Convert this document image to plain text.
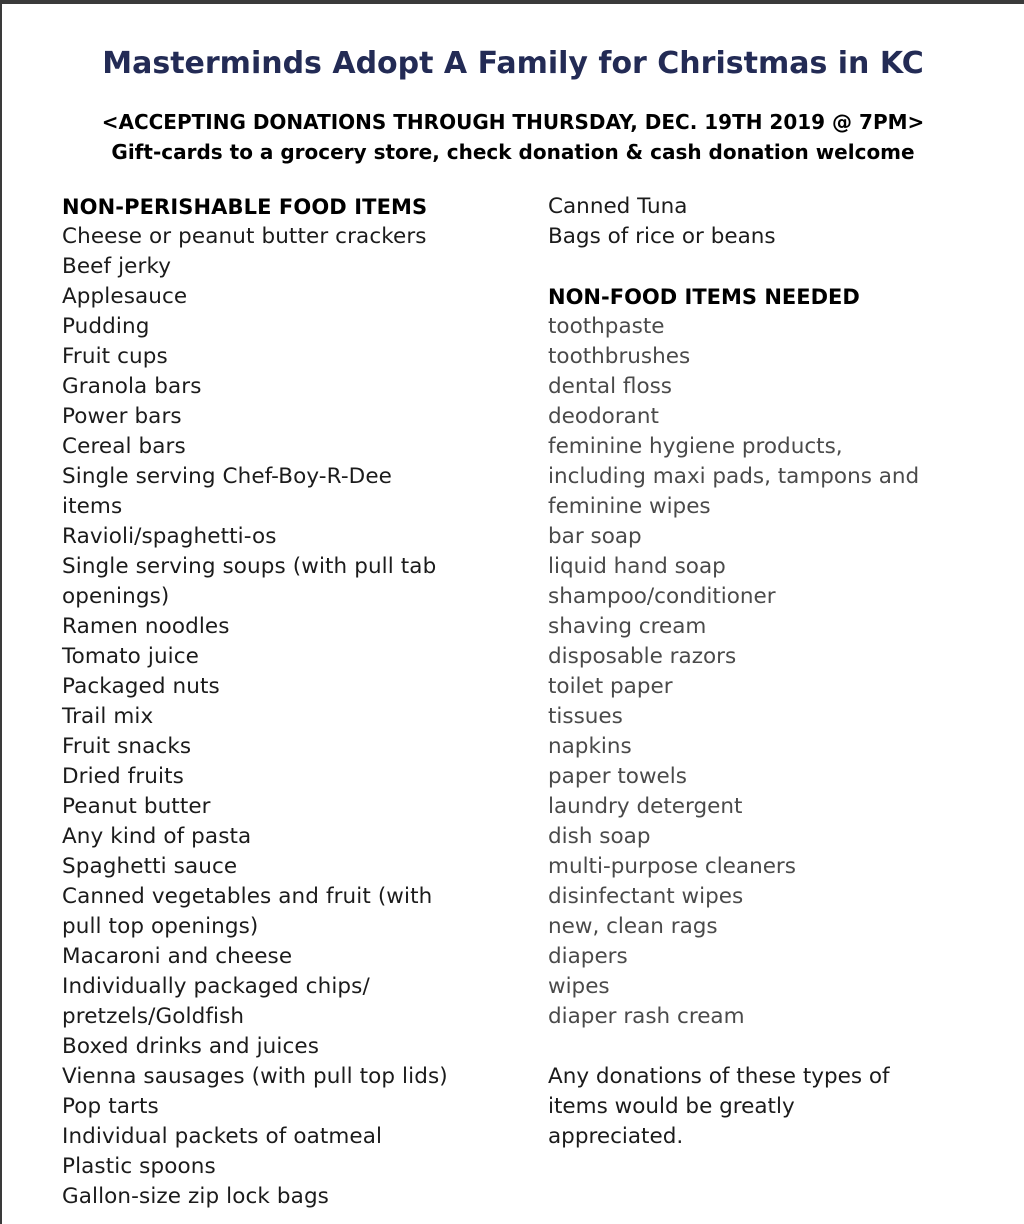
Masterminds Adopt A Family for Christmas in KC
<ACCEPTING DONATIONS THROUGH THURSDAY, DEC. 19TH 2019 @ 7PM>
Gift-cards to a grocery store, check donation & cash donation welcome
NON-PERISHABLE FOOD ITEMS
Cheese or peanut butter crackers
Beef jerky
Applesauce
Pudding
Fruit cups
Granola bars
Power bars
Cereal bars
Single serving Chef-Boy-R-Dee
items
Ravioli/spaghetti-os
Single serving soups (with pull tab
openings)
Ramen noodles
Tomato juice
Packaged nuts
Trail mix
Fruit snacks
Dried fruits
Peanut butter
Any kind of pasta
Spaghetti sauce
Canned vegetables and fruit (with
pull top openings)
Macaroni and cheese
Individually packaged chips/
pretzels/Goldfish
Boxed drinks and juices
Vienna sausages (with pull top lids)
Pop tarts
Individual packets of oatmeal
Plastic spoons
Gallon-size zip lock bags
Canned Tuna
Bags of rice or beans
NON-FOOD ITEMS NEEDED
toothpaste
toothbrushes
dental floss
deodorant
feminine hygiene products,
including maxi pads, tampons and
feminine wipes
bar soap
liquid hand soap
shampoo/conditioner
shaving cream
disposable razors
toilet paper
tissues
napkins
paper towels
laundry detergent
dish soap
multi-purpose cleaners
disinfectant wipes
new, clean rags
diapers
wipes
diaper rash cream
Any donations of these types of
items would be greatly
appreciated.
